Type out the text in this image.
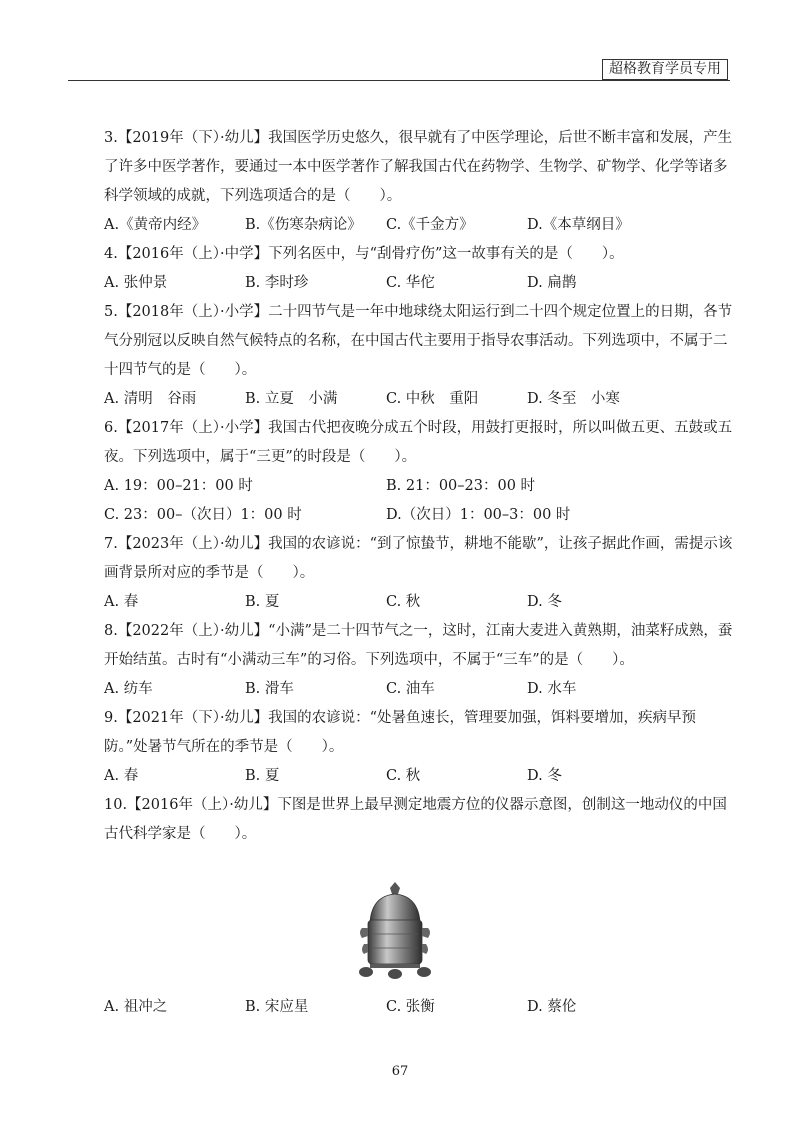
超格教育学员专用
3.【2019年（下）·幼儿】我国医学历史悠久，很早就有了中医学理论，后世不断丰富和发展，产生了许多中医学著作，要通过一本中医学著作了解我国古代在药物学、生物学、矿物学、化学等诸多科学领域的成就，下列选项适合的是（　　）。
A.《黄帝内经》	B.《伤寒杂病论》	C.《千金方》	D.《本草纲目》
4.【2016年（上）·中学】下列名医中，与“刮骨疗伤”这一故事有关的是（　　）。
A. 张仲景	B. 李时珍	C. 华佗	D. 扁鹊
5.【2018年（上）·小学】二十四节气是一年中地球绕太阳运行到二十四个规定位置上的日期，各节气分别冠以反映自然气候特点的名称，在中国古代主要用于指导农事活动。下列选项中，不属于二十四节气的是（　　）。
A. 清明　谷雨	B. 立夏　小满	C. 中秋　重阳	D. 冬至　小寒
6.【2017年（上）·小学】我国古代把夜晚分成五个时段，用鼓打更报时，所以叫做五更、五鼓或五夜。下列选项中，属于“三更”的时段是（　　）。
A. 19：00–21：00 时	B. 21：00–23：00 时
C. 23：00–（次日）1：00 时	D.（次日）1：00–3：00 时
7.【2023年（上）·幼儿】我国的农谚说：“到了惊蛰节，耕地不能歇”，让孩子据此作画，需提示该画背景所对应的季节是（　　）。
A. 春	B. 夏	C. 秋	D. 冬
8.【2022年（上）·幼儿】“小满”是二十四节气之一，这时，江南大麦进入黄熟期，油菜籽成熟，蚕开始结茧。古时有“小满动三车”的习俗。下列选项中，不属于“三车”的是（　　）。
A. 纺车	B. 滑车	C. 油车	D. 水车
9.【2021年（下）·幼儿】我国的农谚说：“处暑鱼速长，管理要加强，饵料要增加，疾病早预防。”处暑节气所在的季节是（　　）。
A. 春	B. 夏	C. 秋	D. 冬
10.【2016年（上）·幼儿】下图是世界上最早测定地震方位的仪器示意图，创制这一地动仪的中国古代科学家是（　　）。
A. 祖冲之	B. 宋应星	C. 张衡	D. 蔡伦
67
